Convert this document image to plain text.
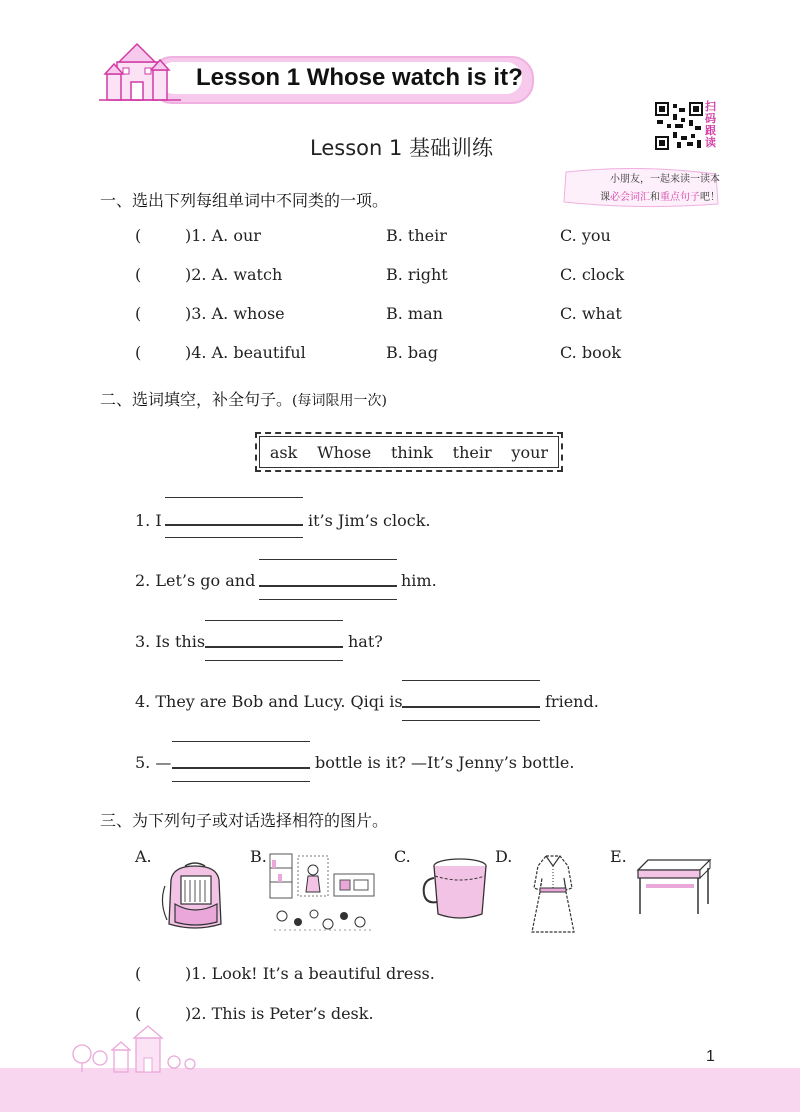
Lesson 1 Whose watch is it?
Lesson 1 基础训练
扫
码
跟
读
小朋友，一起来读一读本
课必会词汇和重点句子吧！
一、选出下列每组单词中不同类的一项。
(	)1. A. our	B. their	C. you
(	)2. A. watch	B. right	C. clock
(	)3. A. whose	B. man	C. what
(	)4. A. beautiful	B. bag	C. book
二、选词填空，补全句子。(每词限用一次)
ask Whose think their your
1. I	it’s Jim’s clock.
2. Let’s go and	him.
3. Is this	hat?
4. They are Bob and Lucy. Qiqi is	friend.
5. —	bottle is it? —It’s Jenny’s bottle.
三、为下列句子或对话选择相符的图片。
A.	B.	C.	D.	E.
(	)1. Look! It’s a beautiful dress.
(	)2. This is Peter’s desk.
1
